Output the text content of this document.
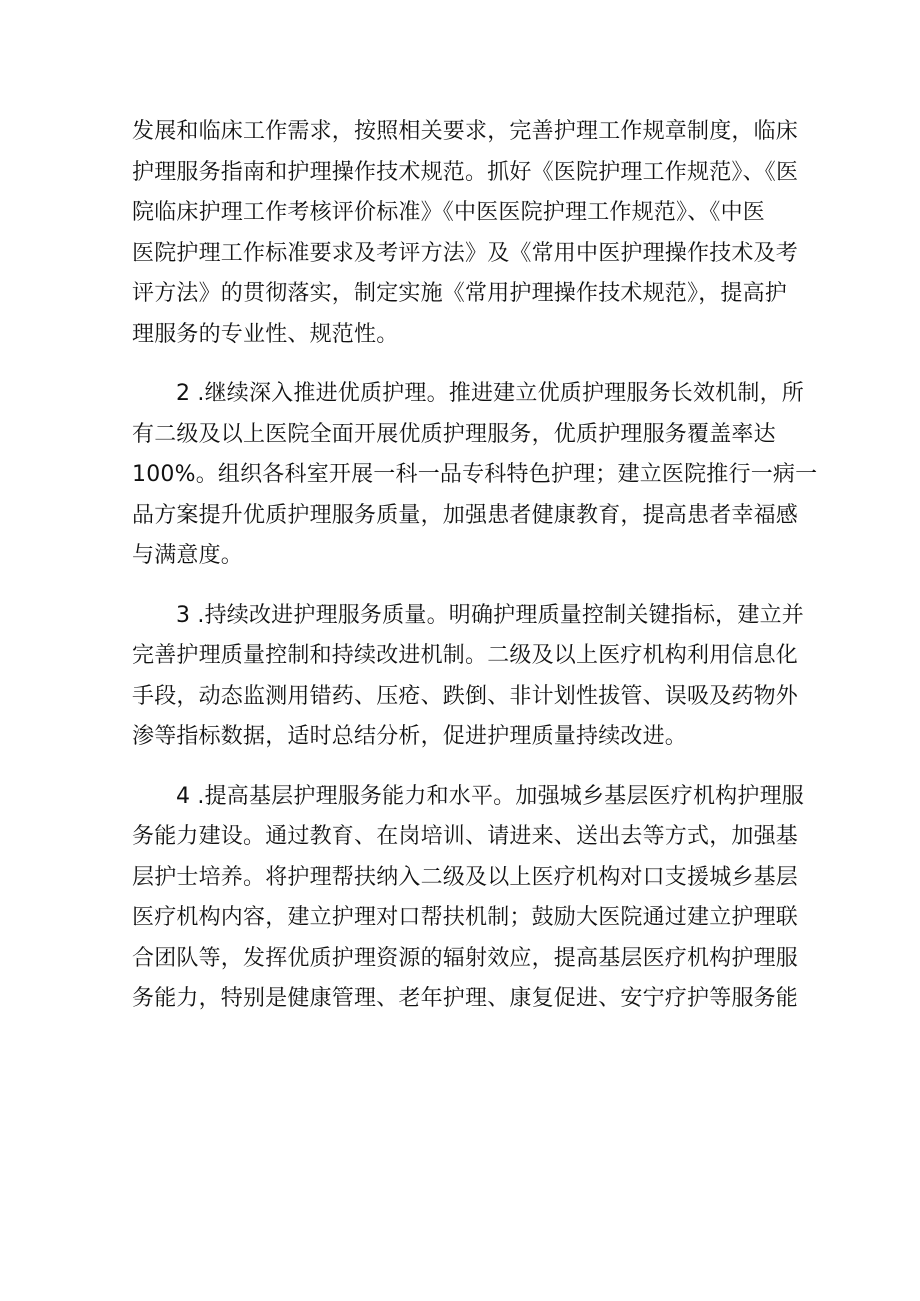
发展和临床工作需求，按照相关要求，完善护理工作规章制度，临床
护理服务指南和护理操作技术规范。抓好《医院护理工作规范》、《医
院临床护理工作考核评价标准》《中医医院护理工作规范》、《中医
医院护理工作标准要求及考评方法》及《常用中医护理操作技术及考
评方法》的贯彻落实，制定实施《常用护理操作技术规范》，提高护
理服务的专业性、规范性。
2 .继续深入推进优质护理。推进建立优质护理服务长效机制，所
有二级及以上医院全面开展优质护理服务，优质护理服务覆盖率达
100%。组织各科室开展一科一品专科特色护理；建立医院推行一病一
品方案提升优质护理服务质量，加强患者健康教育，提高患者幸福感
与满意度。
3 .持续改进护理服务质量。明确护理质量控制关键指标，建立并
完善护理质量控制和持续改进机制。二级及以上医疗机构利用信息化
手段，动态监测用错药、压疮、跌倒、非计划性拔管、误吸及药物外
渗等指标数据，适时总结分析，促进护理质量持续改进。
4 .提高基层护理服务能力和水平。加强城乡基层医疗机构护理服
务能力建设。通过教育、在岗培训、请进来、送出去等方式，加强基
层护士培养。将护理帮扶纳入二级及以上医疗机构对口支援城乡基层
医疗机构内容，建立护理对口帮扶机制；鼓励大医院通过建立护理联
合团队等，发挥优质护理资源的辐射效应，提高基层医疗机构护理服
务能力，特别是健康管理、老年护理、康复促进、安宁疗护等服务能
